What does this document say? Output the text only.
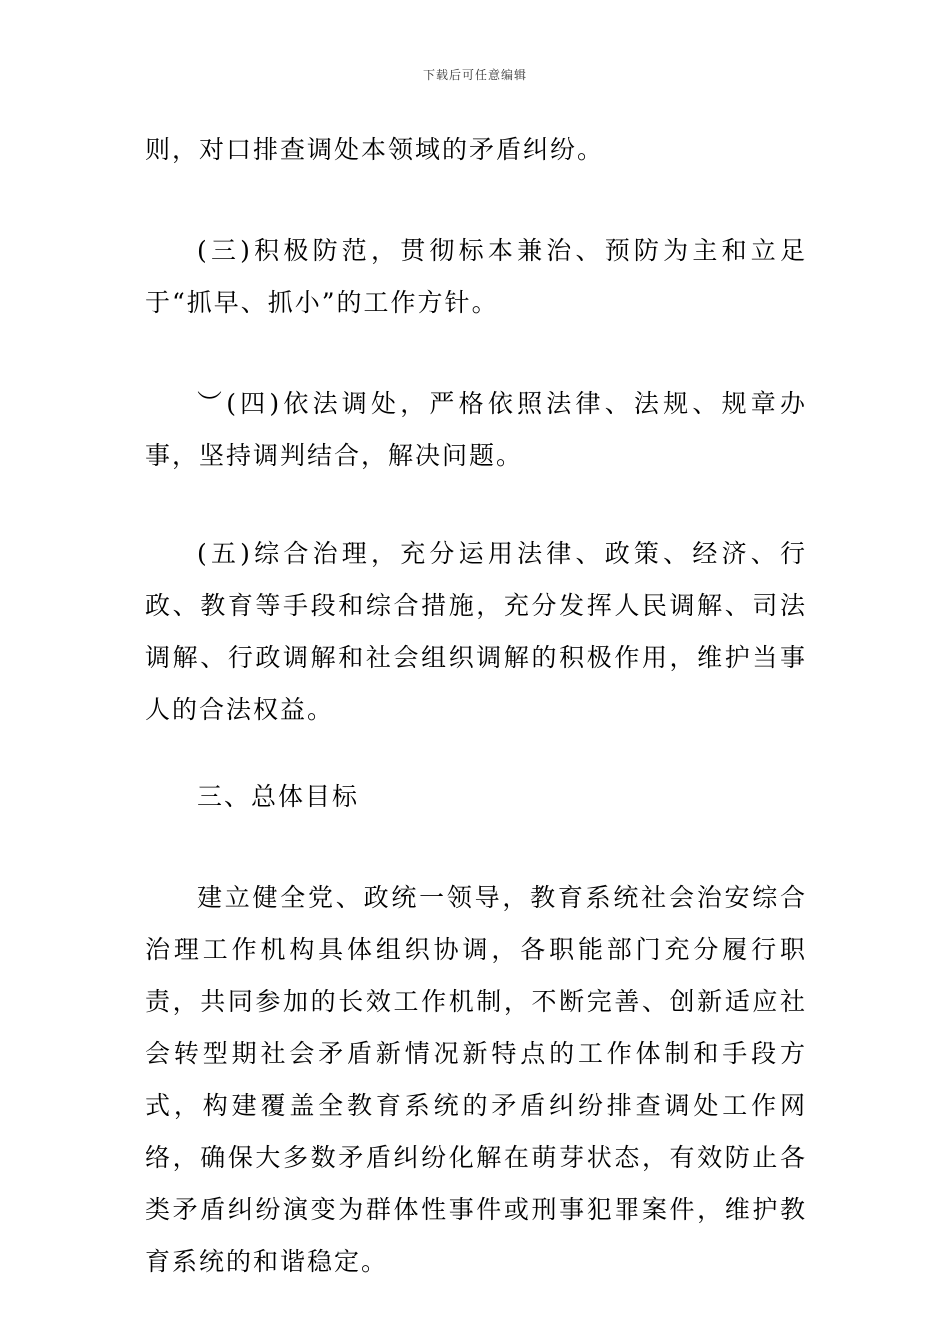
下载后可任意编辑

则，对口排查调处本领域的矛盾纠纷。

(三)积极防范，贯彻标本兼治、预防为主和立足于“抓早、抓小”的工作方针。

︶(四)依法调处，严格依照法律、法规、规章办事，坚持调判结合，解决问题。

(五)综合治理，充分运用法律、政策、经济、行政、教育等手段和综合措施，充分发挥人民调解、司法调解、行政调解和社会组织调解的积极作用，维护当事人的合法权益。

三、总体目标

建立健全党、政统一领导，教育系统社会治安综合治理工作机构具体组织协调，各职能部门充分履行职责，共同参加的长效工作机制，不断完善、创新适应社会转型期社会矛盾新情况新特点的工作体制和手段方式，构建覆盖全教育系统的矛盾纠纷排查调处工作网络，确保大多数矛盾纠纷化解在萌芽状态，有效防止各类矛盾纠纷演变为群体性事件或刑事犯罪案件，维护教育系统的和谐稳定。
